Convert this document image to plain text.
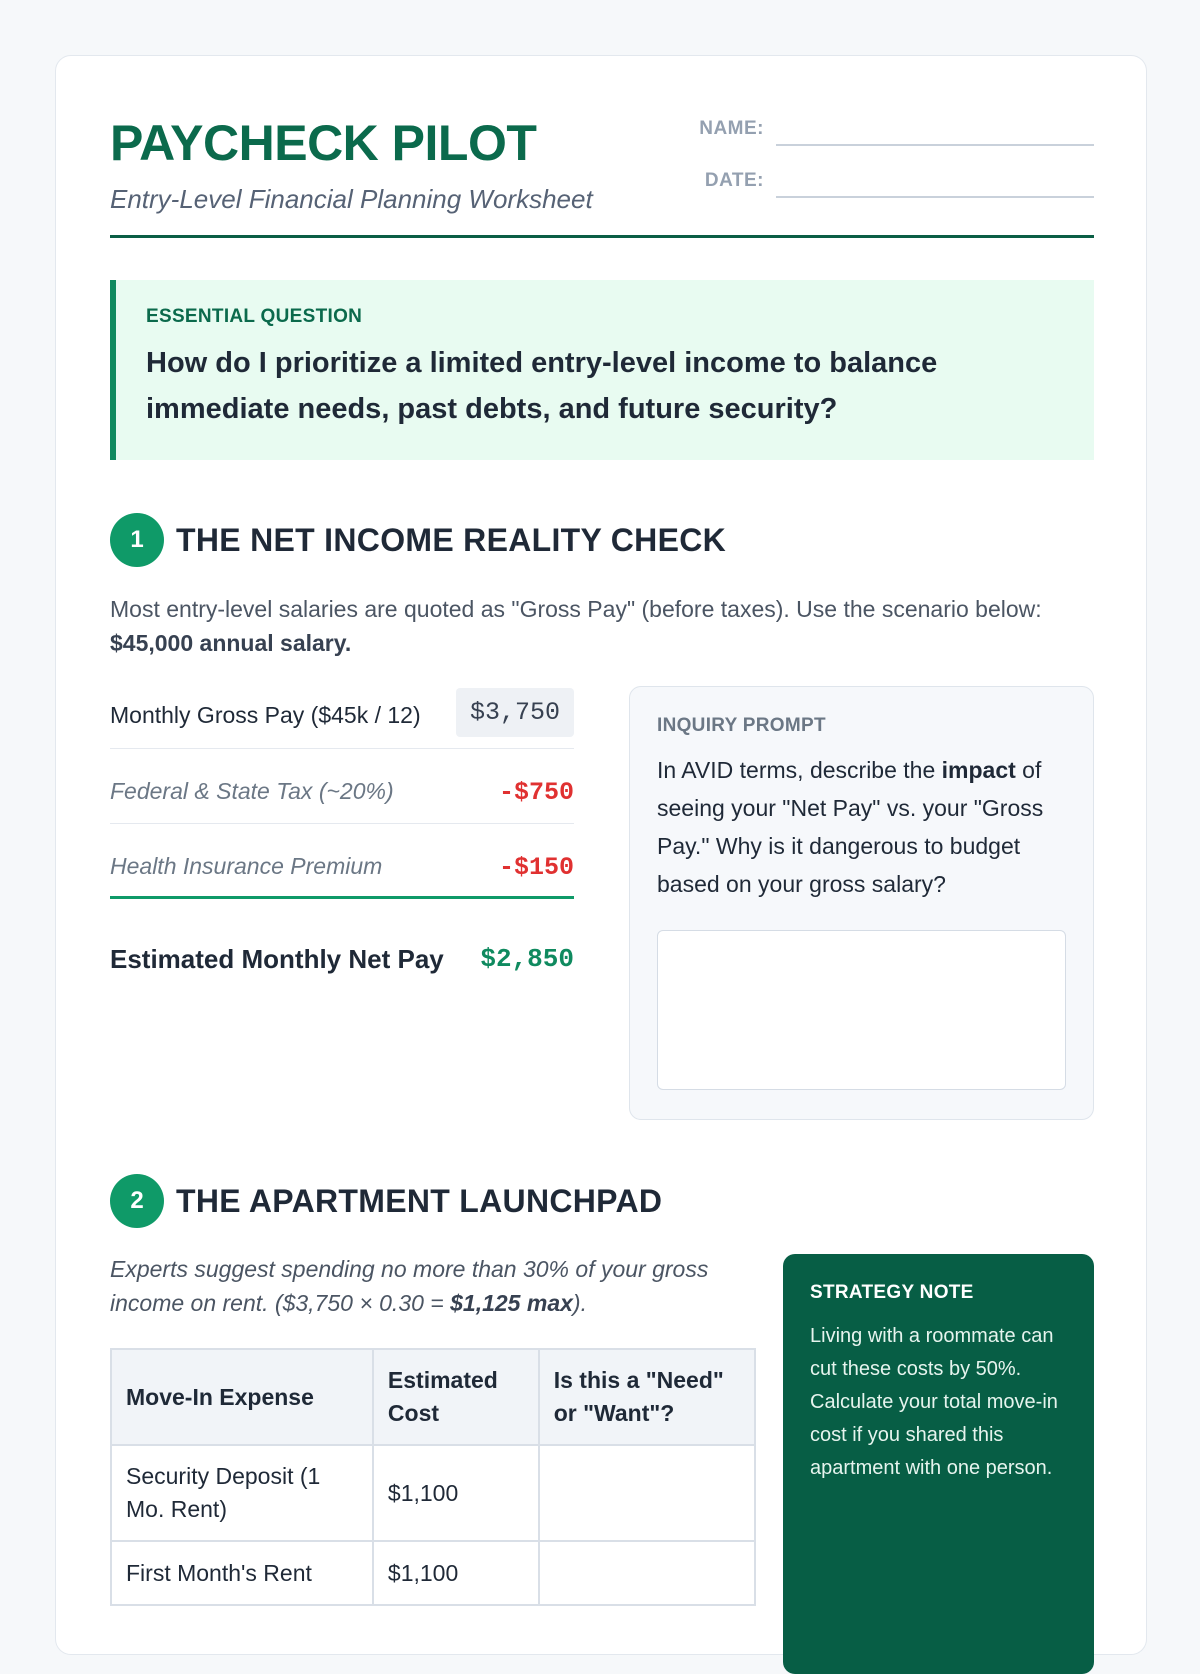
PAYCHECK PILOT
Entry-Level Financial Planning Worksheet
NAME:
DATE:
ESSENTIAL QUESTION
How do I prioritize a limited entry-level income to balance immediate needs, past debts, and future security?
1	THE NET INCOME REALITY CHECK
Most entry-level salaries are quoted as "Gross Pay" (before taxes). Use the scenario below: $45,000 annual salary.
Monthly Gross Pay ($45k / 12)	$3,750
Federal & State Tax (~20%)	-$750
Health Insurance Premium	-$150
Estimated Monthly Net Pay $2,850
INQUIRY PROMPT
In AVID terms, describe the impact of seeing your "Net Pay" vs. your "Gross Pay." Why is it dangerous to budget based on your gross salary?
2	THE APARTMENT LAUNCHPAD
Experts suggest spending no more than 30% of your gross income on rent. ($3,750 × 0.30 = $1,125 max).
Move-In Expense	Estimated Cost	Is this a "Need" or "Want"?
Security Deposit (1 Mo. Rent)	$1,100	
First Month's Rent	$1,100	
STRATEGY NOTE
Living with a roommate can cut these costs by 50%. Calculate your total move-in cost if you shared this apartment with one person.
